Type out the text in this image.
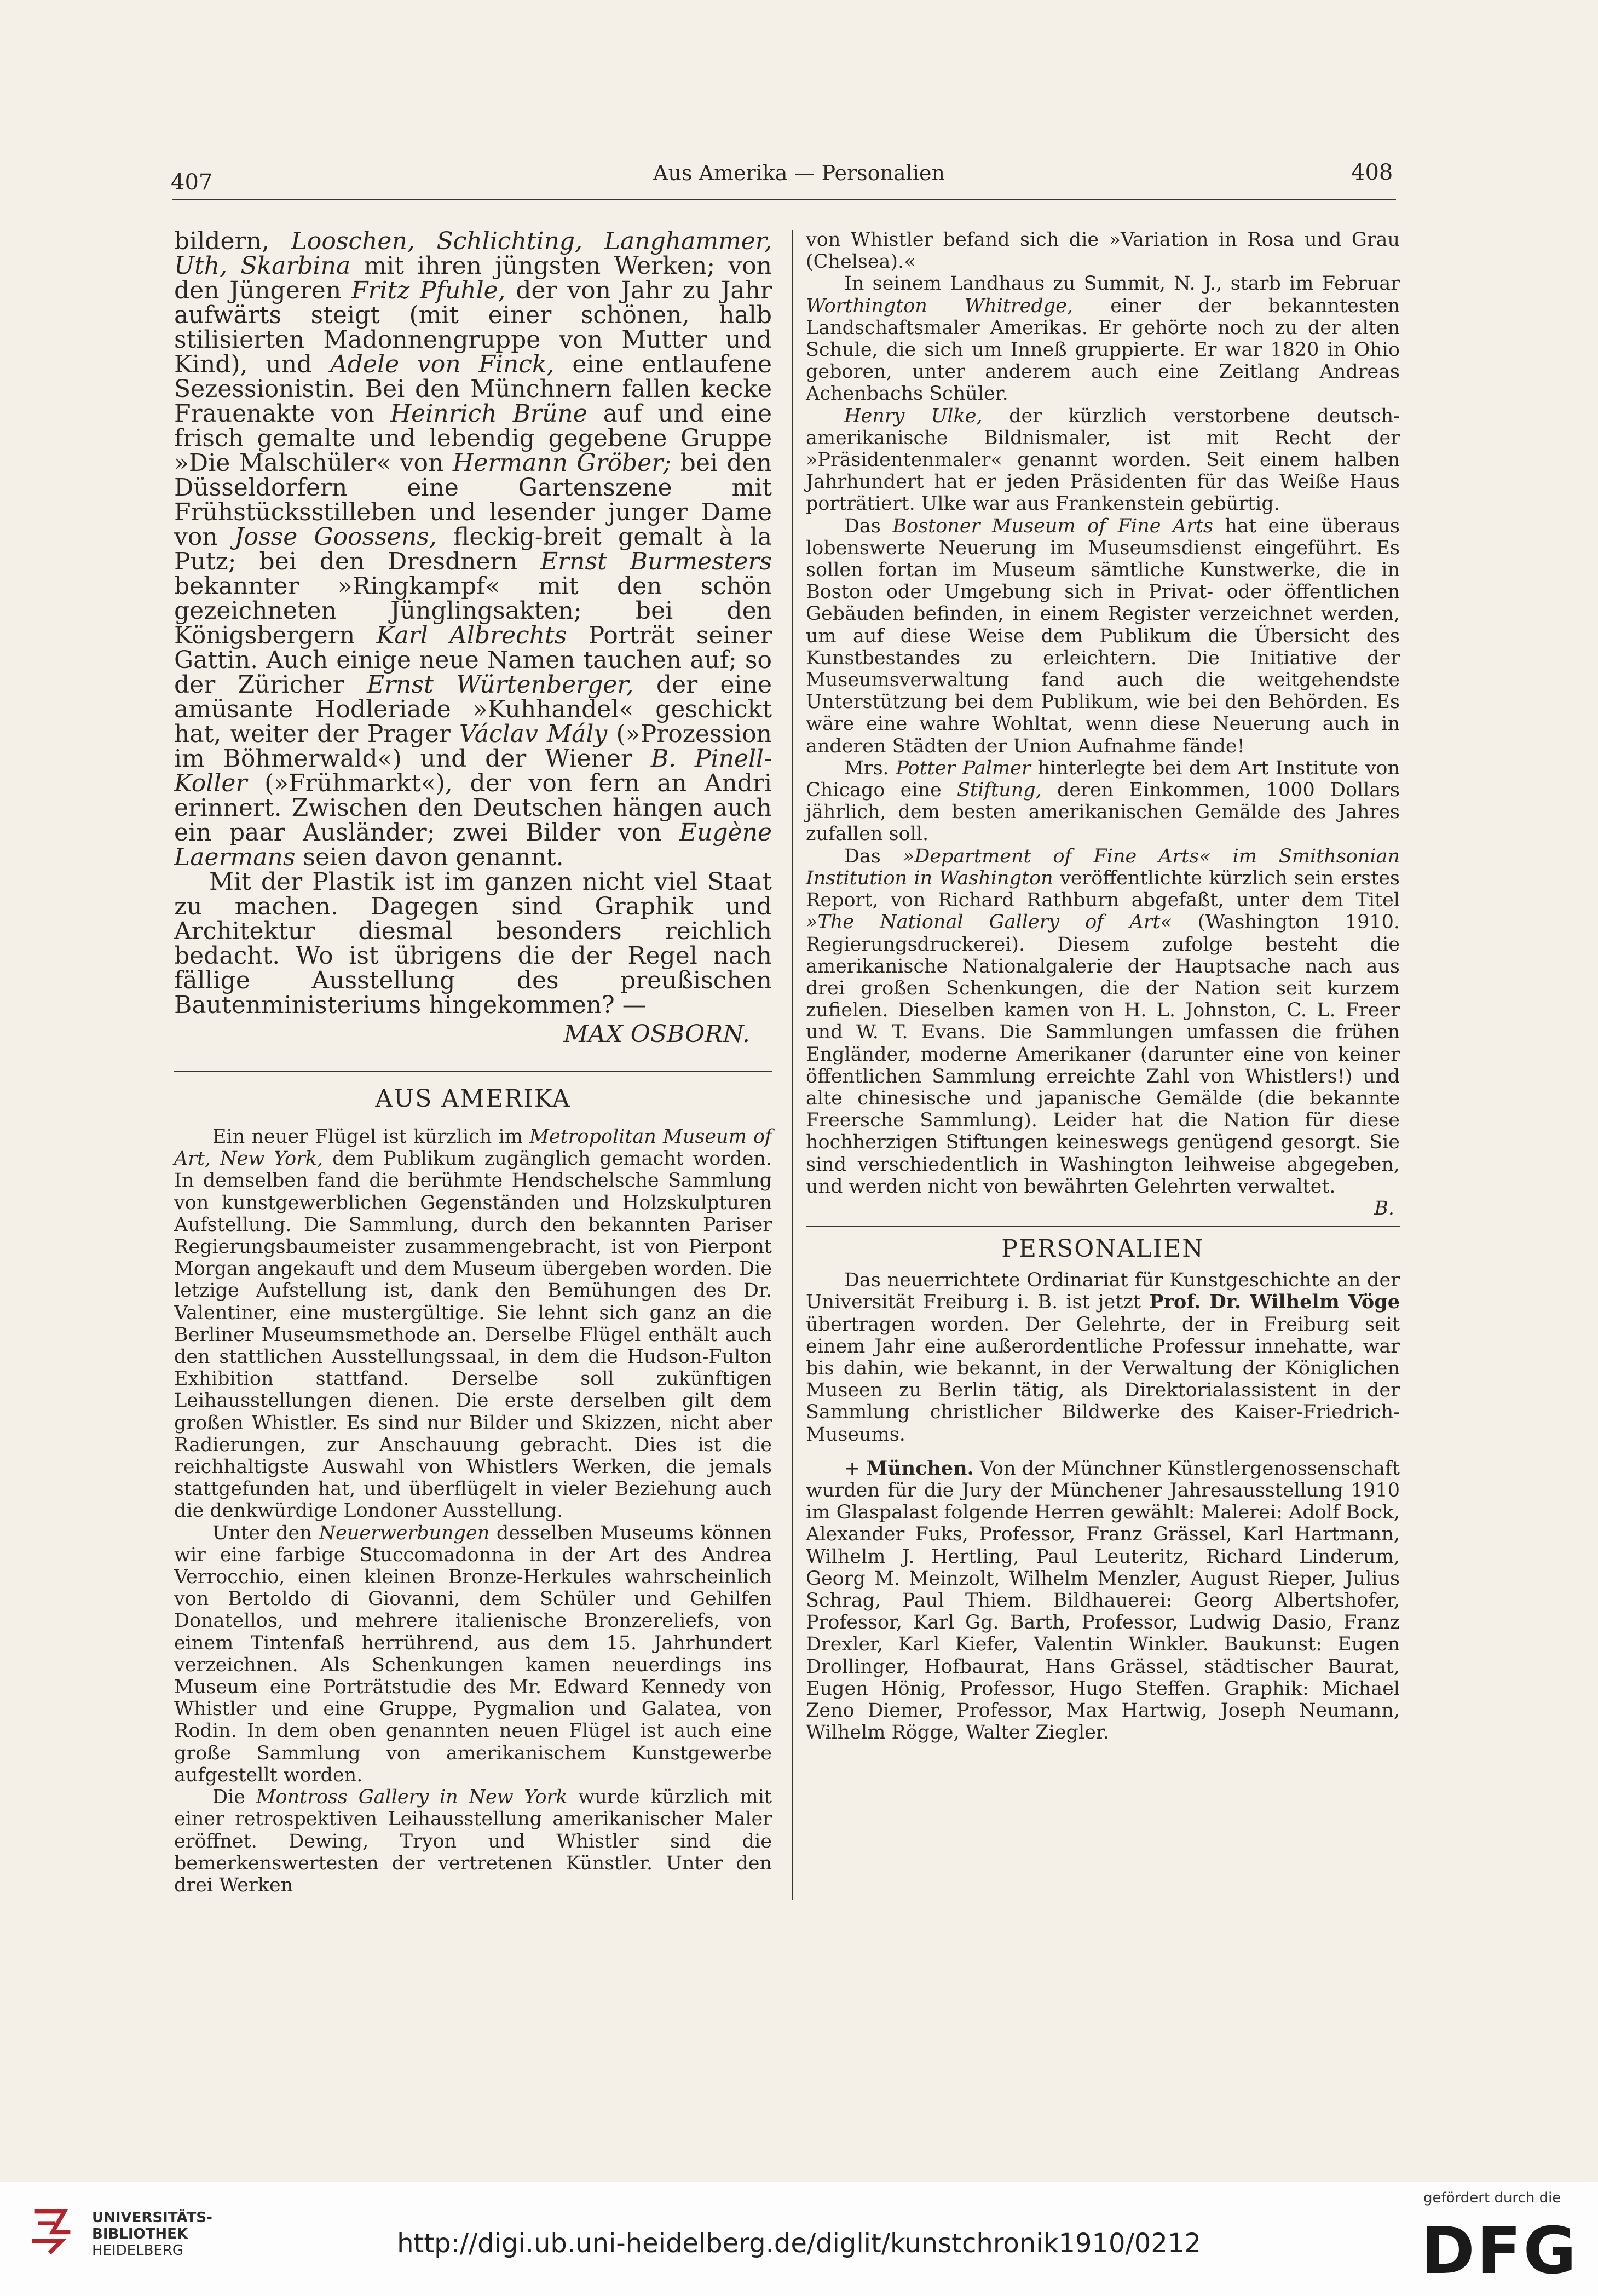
407	Aus Amerika — Personalien	408

bildern, Looschen, Schlichting, Langhammer, Uth, Skarbina mit ihren jüngsten Werken; von den Jüngeren Fritz Pfuhle, der von Jahr zu Jahr aufwärts steigt (mit einer schönen, halb stilisierten Madonnengruppe von Mutter und Kind), und Adele von Finck, eine entlaufene Sezessionistin. Bei den Münchnern fallen kecke Frauenakte von Heinrich Brüne auf und eine frisch gemalte und lebendig gegebene Gruppe »Die Malschüler« von Hermann Gröber; bei den Düsseldorfern eine Gartenszene mit Frühstücksstilleben und lesender junger Dame von Josse Goossens, fleckig-breit gemalt à la Putz; bei den Dresdnern Ernst Burmesters bekannter »Ringkampf« mit den schön gezeichneten Jünglingsakten; bei den Königsbergern Karl Albrechts Porträt seiner Gattin. Auch einige neue Namen tauchen auf; so der Züricher Ernst Würtenberger, der eine amüsante Hodleriade »Kuhhandel« geschickt hat, weiter der Prager Václav Mály (»Prozession im Böhmerwald«) und der Wiener B. Pinell-Koller (»Frühmarkt«), der von fern an Andri erinnert. Zwischen den Deutschen hängen auch ein paar Ausländer; zwei Bilder von Eugène Laermans seien davon genannt.

Mit der Plastik ist im ganzen nicht viel Staat zu machen. Dagegen sind Graphik und Architektur diesmal besonders reichlich bedacht. Wo ist übrigens die der Regel nach fällige Ausstellung des preußischen Bautenministeriums hingekommen? —

MAX OSBORN.

AUS AMERIKA

Ein neuer Flügel ist kürzlich im Metropolitan Museum of Art, New York, dem Publikum zugänglich gemacht worden. In demselben fand die berühmte Hendschelsche Sammlung von kunstgewerblichen Gegenständen und Holzskulpturen Aufstellung. Die Sammlung, durch den bekannten Pariser Regierungsbaumeister zusammengebracht, ist von Pierpont Morgan angekauft und dem Museum übergeben worden. Die letzige Aufstellung ist, dank den Bemühungen des Dr. Valentiner, eine mustergültige. Sie lehnt sich ganz an die Berliner Museumsmethode an. Derselbe Flügel enthält auch den stattlichen Ausstellungssaal, in dem die Hudson-Fulton Exhibition stattfand. Derselbe soll zukünftigen Leihausstellungen dienen. Die erste derselben gilt dem großen Whistler. Es sind nur Bilder und Skizzen, nicht aber Radierungen, zur Anschauung gebracht. Dies ist die reichhaltigste Auswahl von Whistlers Werken, die jemals stattgefunden hat, und überflügelt in vieler Beziehung auch die denkwürdige Londoner Ausstellung.

Unter den Neuerwerbungen desselben Museums können wir eine farbige Stuccomadonna in der Art des Andrea Verrocchio, einen kleinen Bronze-Herkules wahrscheinlich von Bertoldo di Giovanni, dem Schüler und Gehilfen Donatellos, und mehrere italienische Bronzereliefs, von einem Tintenfaß herrührend, aus dem 15. Jahrhundert verzeichnen. Als Schenkungen kamen neuerdings ins Museum eine Porträtstudie des Mr. Edward Kennedy von Whistler und eine Gruppe, Pygmalion und Galatea, von Rodin. In dem oben genannten neuen Flügel ist auch eine große Sammlung von amerikanischem Kunstgewerbe aufgestellt worden.

Die Montross Gallery in New York wurde kürzlich mit einer retrospektiven Leihausstellung amerikanischer Maler eröffnet. Dewing, Tryon und Whistler sind die bemerkenswertesten der vertretenen Künstler. Unter den drei Werken

von Whistler befand sich die »Variation in Rosa und Grau (Chelsea).«

In seinem Landhaus zu Summit, N. J., starb im Februar Worthington Whitredge, einer der bekanntesten Landschaftsmaler Amerikas. Er gehörte noch zu der alten Schule, die sich um Inneß gruppierte. Er war 1820 in Ohio geboren, unter anderem auch eine Zeitlang Andreas Achenbachs Schüler.

Henry Ulke, der kürzlich verstorbene deutsch-amerikanische Bildnismaler, ist mit Recht der »Präsidentenmaler« genannt worden. Seit einem halben Jahrhundert hat er jeden Präsidenten für das Weiße Haus porträtiert. Ulke war aus Frankenstein gebürtig.

Das Bostoner Museum of Fine Arts hat eine überaus lobenswerte Neuerung im Museumsdienst eingeführt. Es sollen fortan im Museum sämtliche Kunstwerke, die in Boston oder Umgebung sich in Privat- oder öffentlichen Gebäuden befinden, in einem Register verzeichnet werden, um auf diese Weise dem Publikum die Übersicht des Kunstbestandes zu erleichtern. Die Initiative der Museumsverwaltung fand auch die weitgehendste Unterstützung bei dem Publikum, wie bei den Behörden. Es wäre eine wahre Wohltat, wenn diese Neuerung auch in anderen Städten der Union Aufnahme fände!

Mrs. Potter Palmer hinterlegte bei dem Art Institute von Chicago eine Stiftung, deren Einkommen, 1000 Dollars jährlich, dem besten amerikanischen Gemälde des Jahres zufallen soll.

Das »Department of Fine Arts« im Smithsonian Institution in Washington veröffentlichte kürzlich sein erstes Report, von Richard Rathburn abgefaßt, unter dem Titel »The National Gallery of Art« (Washington 1910. Regierungsdruckerei). Diesem zufolge besteht die amerikanische Nationalgalerie der Hauptsache nach aus drei großen Schenkungen, die der Nation seit kurzem zufielen. Dieselben kamen von H. L. Johnston, C. L. Freer und W. T. Evans. Die Sammlungen umfassen die frühen Engländer, moderne Amerikaner (darunter eine von keiner öffentlichen Sammlung erreichte Zahl von Whistlers!) und alte chinesische und japanische Gemälde (die bekannte Freersche Sammlung). Leider hat die Nation für diese hochherzigen Stiftungen keineswegs genügend gesorgt. Sie sind verschiedentlich in Washington leihweise abgegeben, und werden nicht von bewährten Gelehrten verwaltet.

B.

PERSONALIEN

Das neuerrichtete Ordinariat für Kunstgeschichte an der Universität Freiburg i. B. ist jetzt Prof. Dr. Wilhelm Vöge übertragen worden. Der Gelehrte, der in Freiburg seit einem Jahr eine außerordentliche Professur innehatte, war bis dahin, wie bekannt, in der Verwaltung der Königlichen Museen zu Berlin tätig, als Direktorialassistent in der Sammlung christlicher Bildwerke des Kaiser-Friedrich-Museums.

+ München. Von der Münchner Künstlergenossenschaft wurden für die Jury der Münchener Jahresausstellung 1910 im Glaspalast folgende Herren gewählt: Malerei: Adolf Bock, Alexander Fuks, Professor, Franz Grässel, Karl Hartmann, Wilhelm J. Hertling, Paul Leuteritz, Richard Linderum, Georg M. Meinzolt, Wilhelm Menzler, August Rieper, Julius Schrag, Paul Thiem. Bildhauerei: Georg Albertshofer, Professor, Karl Gg. Barth, Professor, Ludwig Dasio, Franz Drexler, Karl Kiefer, Valentin Winkler. Baukunst: Eugen Drollinger, Hofbaurat, Hans Grässel, städtischer Baurat, Eugen Hönig, Professor, Hugo Steffen. Graphik: Michael Zeno Diemer, Professor, Max Hartwig, Joseph Neumann, Wilhelm Rögge, Walter Ziegler.

UNIVERSITÄTS-
BIBLIOTHEK
HEIDELBERG	http://digi.ub.uni-heidelberg.de/diglit/kunstchronik1910/0212
gefördert durch die
DFG
